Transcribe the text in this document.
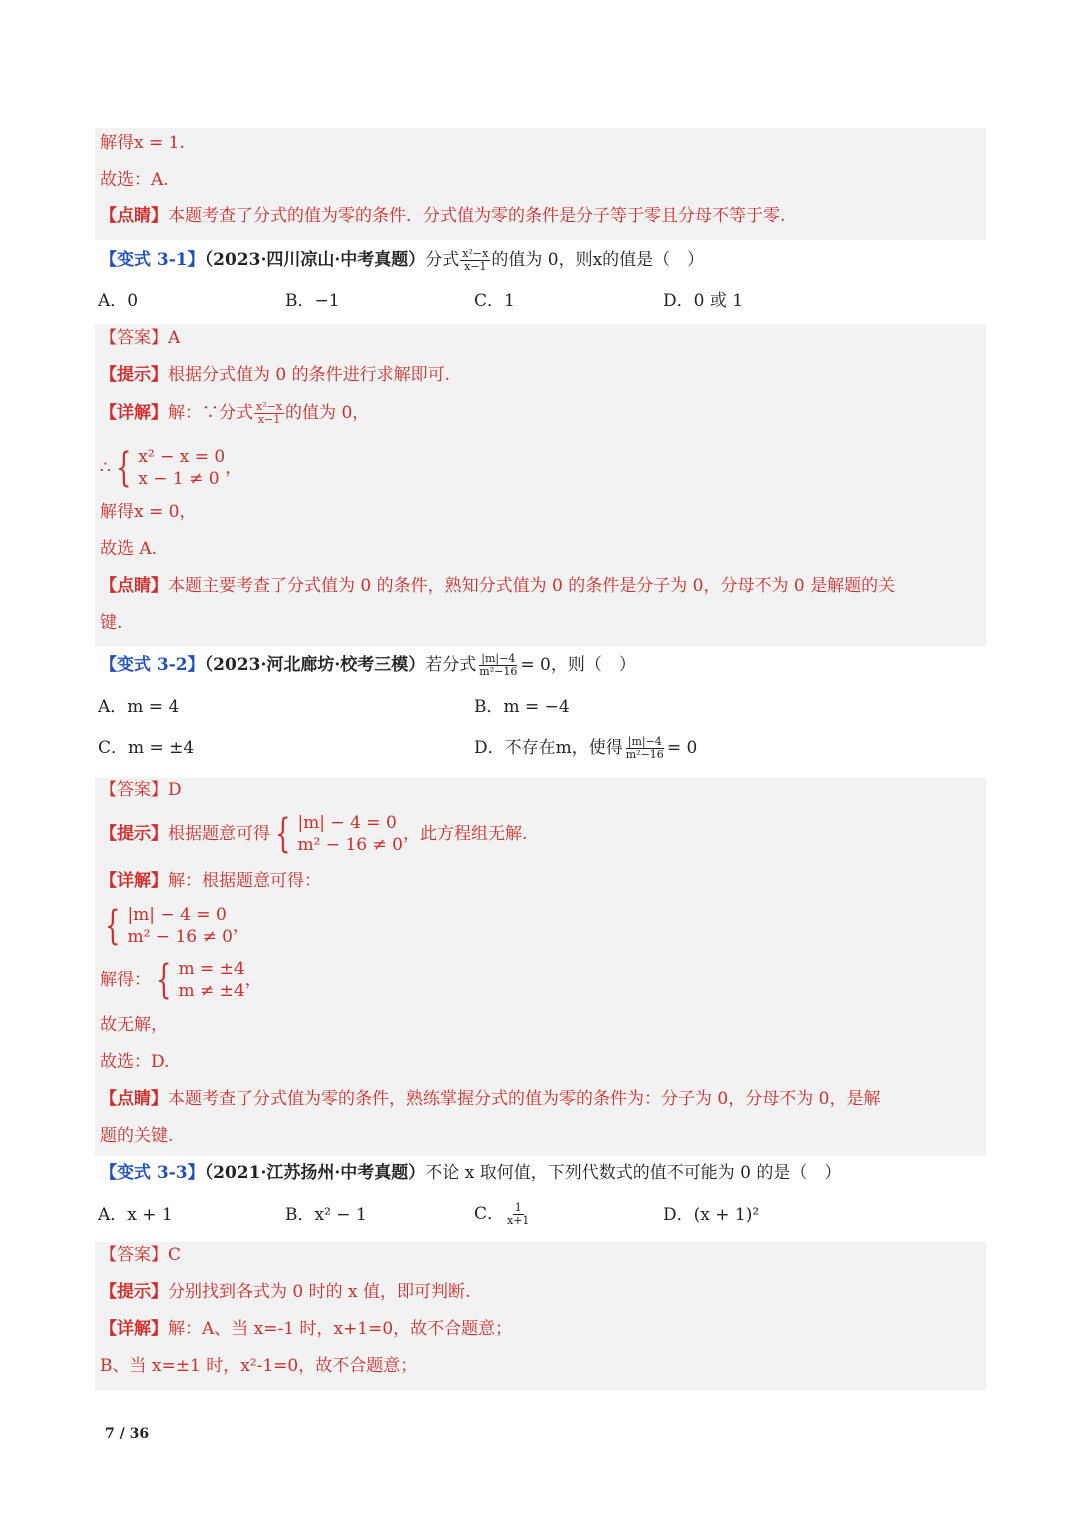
解得x = 1.
故选：A.
【点睛】本题考查了分式的值为零的条件．分式值为零的条件是分子等于零且分母不等于零.
【变式 3-1】（2023·四川凉山·中考真题）分式 $\frac{\text{x²−x}}{x-1}$ 的值为 0，则x的值是（　）
A．0	B．−1	C．1	D．0 或 1
【答案】A
【提示】根据分式值为 0 的条件进行求解即可.
【详解】解：∵分式 $\frac{\text{x²−x}}{x-1}$ 的值为 0，
∴ { x² − x = 0
x − 1 ≠ 0
，
解得x = 0，
故选 A.
【点睛】本题主要考查了分式值为 0 的条件，熟知分式值为 0 的条件是分子为 0，分母不为 0 是解题的关
键.
【变式 3-2】（2023·河北廊坊·校考三模）若分式 $\frac{|m|-4}{\text{m²−16}} = 0$，则（　）
A．m = 4	B．m = −4
C．m = ±4	D．不存在m，使得 $\frac{|m|-4}{\text{m²−16}} = 0$
【答案】D
【提示】 根据题意可得 { |m| − 4 = 0
m² − 16 ≠ 0
，此方程组无解.
【详解】解：根据题意可得：
{ |m| − 4 = 0
m² − 16 ≠ 0
，
解得： { m = ±4
m ≠ ±4
，
故无解，
故选：D.
【点睛】本题考查了分式值为零的条件，熟练掌握分式的值为零的条件为：分子为 0，分母不为 0，是解
题的关键.
【变式 3-3】（2021·江苏扬州·中考真题）不论 x 取何值，下列代数式的值不可能为 0 的是（　）
A．x + 1	B．x² − 1	C． $\frac{1}{x+1}$	D．(x + 1)²
【答案】C
【提示】分别找到各式为 0 时的 x 值，即可判断.
【详解】解：A、当 x=-1 时，x+1=0，故不合题意；
B、当 x=±1 时，x²-1=0，故不合题意；
7 / 36
